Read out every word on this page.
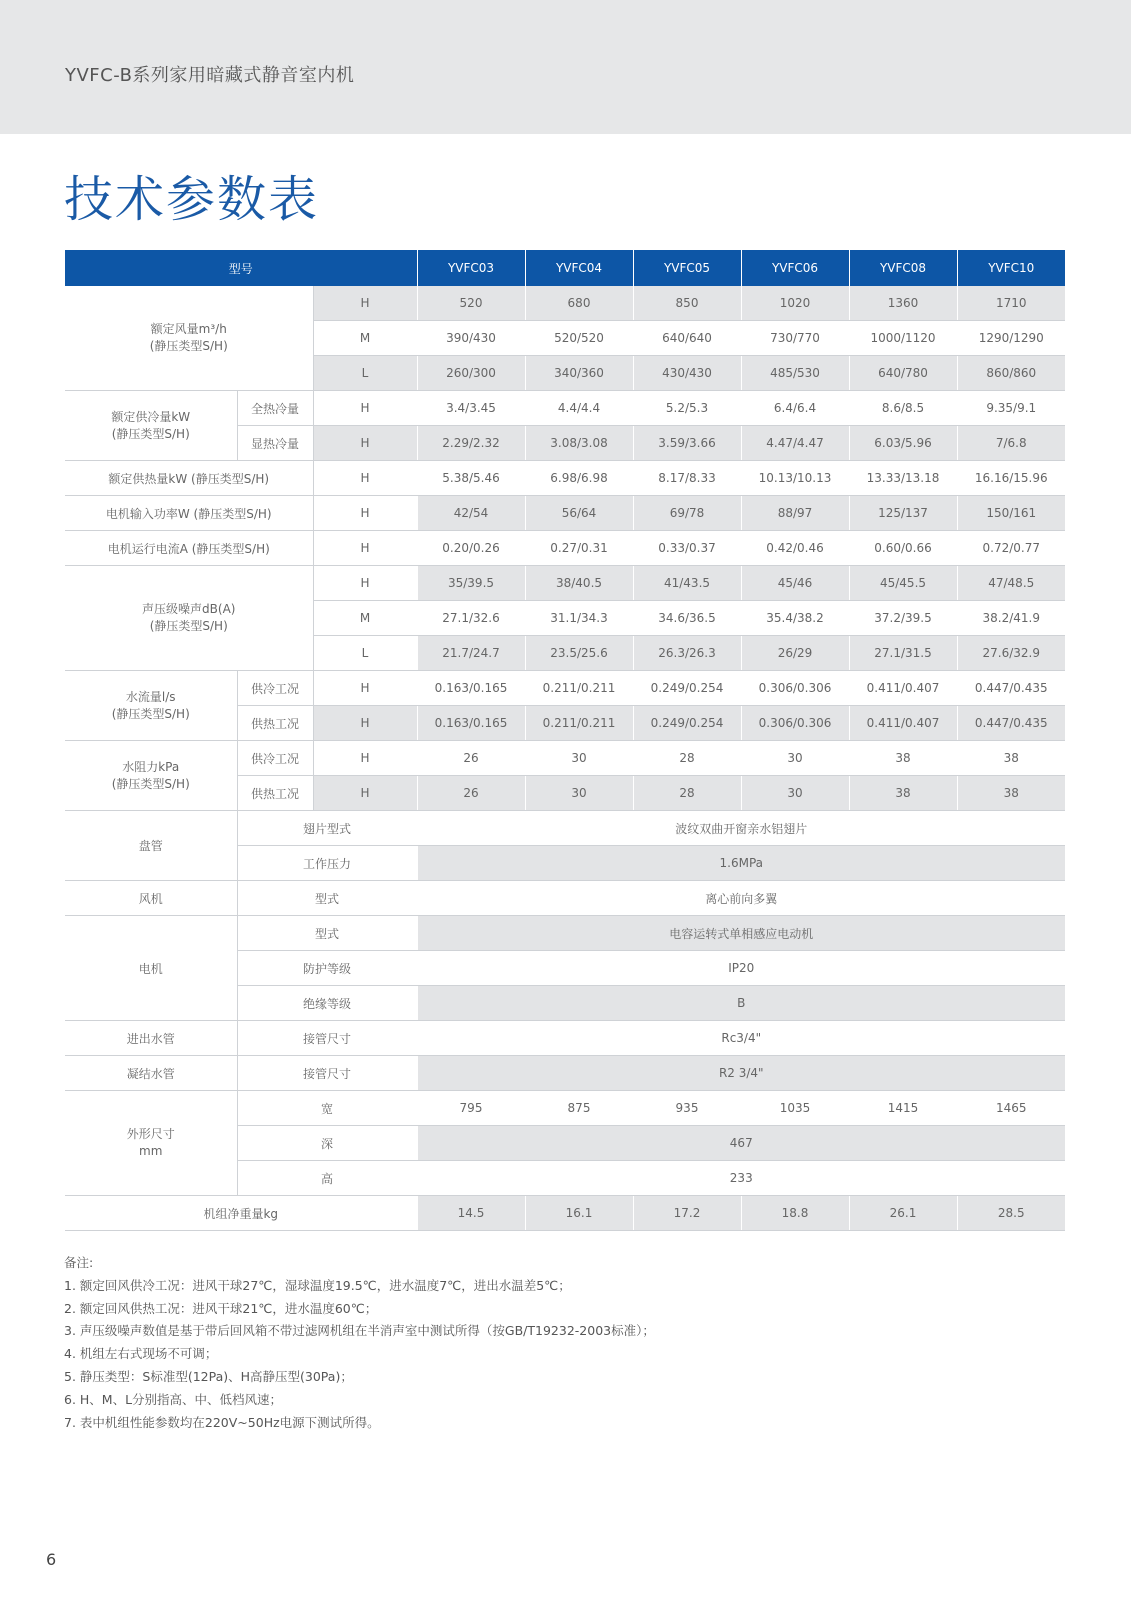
YVFC-B系列家用暗藏式静音室内机
技术参数表
型号			YVFC03	YVFC04	YVFC05	YVFC06	YVFC08	YVFC10
额定风量m³/h
(静压类型S/H)		H	520	680	850	1020	1360	1710
		M	390/430	520/520	640/640	730/770	1000/1120	1290/1290
		L	260/300	340/360	430/430	485/530	640/780	860/860
额定供冷量kW
(静压类型S/H)	全热冷量	H	3.4/3.45	4.4/4.4	5.2/5.3	6.4/6.4	8.6/8.5	9.35/9.1
	显热冷量	H	2.29/2.32	3.08/3.08	3.59/3.66	4.47/4.47	6.03/5.96	7/6.8
额定供热量kW (静压类型S/H)		H	5.38/5.46	6.98/6.98	8.17/8.33	10.13/10.13	13.33/13.18	16.16/15.96
电机输入功率W (静压类型S/H)		H	42/54	56/64	69/78	88/97	125/137	150/161
电机运行电流A (静压类型S/H)		H	0.20/0.26	0.27/0.31	0.33/0.37	0.42/0.46	0.60/0.66	0.72/0.77
声压级噪声dB(A)
(静压类型S/H)		H	35/39.5	38/40.5	41/43.5	45/46	45/45.5	47/48.5
		M	27.1/32.6	31.1/34.3	34.6/36.5	35.4/38.2	37.2/39.5	38.2/41.9
		L	21.7/24.7	23.5/25.6	26.3/26.3	26/29	27.1/31.5	27.6/32.9
水流量l/s
(静压类型S/H)	供冷工况	H	0.163/0.165	0.211/0.211	0.249/0.254	0.306/0.306	0.411/0.407	0.447/0.435
	供热工况	H	0.163/0.165	0.211/0.211	0.249/0.254	0.306/0.306	0.411/0.407	0.447/0.435
水阻力kPa
(静压类型S/H)	供冷工况	H	26	30	28	30	38	38
	供热工况	H	26	30	28	30	38	38
盘管	翅片型式		波纹双曲开窗亲水铝翅片					
	工作压力		1.6MPa					
风机	型式		离心前向多翼					
电机	型式		电容运转式单相感应电动机					
	防护等级		IP20					
	绝缘等级		B					
进出水管	接管尺寸		Rc3/4"					
凝结水管	接管尺寸		R2 3/4"					
外形尺寸
mm	宽		795	875	935	1035	1415	1465
	深		467					
	高		233					
机组净重量kg			14.5	16.1	17.2	18.8	26.1	28.5
备注:
1. 额定回风供冷工况：进风干球27℃，湿球温度19.5℃，进水温度7℃，进出水温差5℃；
2. 额定回风供热工况：进风干球21℃，进水温度60℃；
3. 声压级噪声数值是基于带后回风箱不带过滤网机组在半消声室中测试所得（按GB/T19232-2003标准）；
4. 机组左右式现场不可调；
5. 静压类型：S标准型(12Pa)、H高静压型(30Pa)；
6. H、M、L分别指高、中、低档风速；
7. 表中机组性能参数均在220V~50Hz电源下测试所得。
6
